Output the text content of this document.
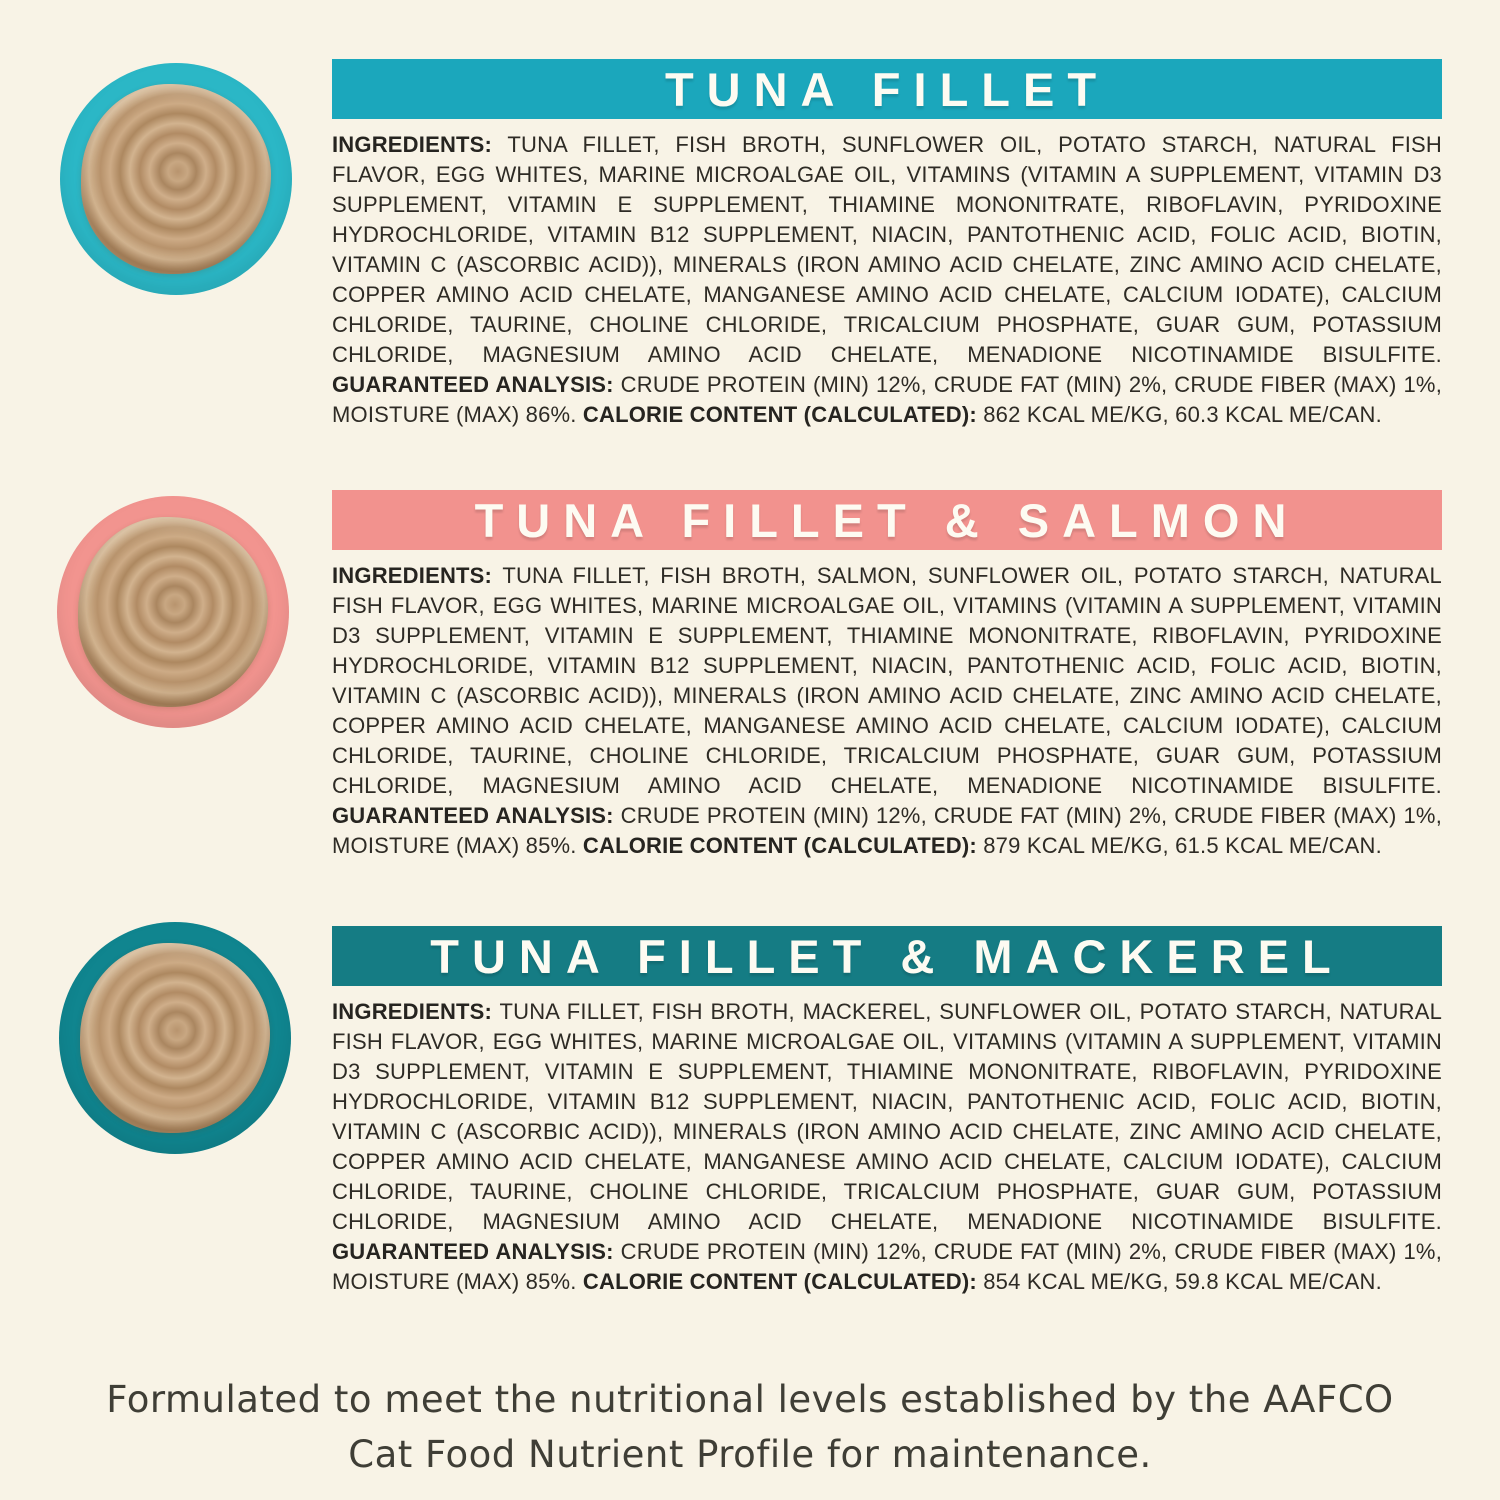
TUNA FILLET

INGREDIENTS: TUNA FILLET, FISH BROTH, SUNFLOWER OIL, POTATO STARCH, NATURAL FISH FLAVOR, EGG WHITES, MARINE MICROALGAE OIL, VITAMINS (VITAMIN A SUPPLEMENT, VITAMIN D3 SUPPLEMENT, VITAMIN E SUPPLEMENT, THIAMINE MONONITRATE, RIBOFLAVIN, PYRIDOXINE HYDROCHLORIDE, VITAMIN B12 SUPPLEMENT, NIACIN, PANTOTHENIC ACID, FOLIC ACID, BIOTIN, VITAMIN C (ASCORBIC ACID)), MINERALS (IRON AMINO ACID CHELATE, ZINC AMINO ACID CHELATE, COPPER AMINO ACID CHELATE, MANGANESE AMINO ACID CHELATE, CALCIUM IODATE), CALCIUM CHLORIDE, TAURINE, CHOLINE CHLORIDE, TRICALCIUM PHOSPHATE, GUAR GUM, POTASSIUM CHLORIDE, MAGNESIUM AMINO ACID CHELATE, MENADIONE NICOTINAMIDE BISULFITE. GUARANTEED ANALYSIS: CRUDE PROTEIN (MIN) 12%, CRUDE FAT (MIN) 2%, CRUDE FIBER (MAX) 1%, MOISTURE (MAX) 86%. CALORIE CONTENT (CALCULATED): 862 KCAL ME/KG, 60.3 KCAL ME/CAN.

TUNA FILLET & SALMON

INGREDIENTS: TUNA FILLET, FISH BROTH, SALMON, SUNFLOWER OIL, POTATO STARCH, NATURAL FISH FLAVOR, EGG WHITES, MARINE MICROALGAE OIL, VITAMINS (VITAMIN A SUPPLEMENT, VITAMIN D3 SUPPLEMENT, VITAMIN E SUPPLEMENT, THIAMINE MONONITRATE, RIBOFLAVIN, PYRIDOXINE HYDROCHLORIDE, VITAMIN B12 SUPPLEMENT, NIACIN, PANTOTHENIC ACID, FOLIC ACID, BIOTIN, VITAMIN C (ASCORBIC ACID)), MINERALS (IRON AMINO ACID CHELATE, ZINC AMINO ACID CHELATE, COPPER AMINO ACID CHELATE, MANGANESE AMINO ACID CHELATE, CALCIUM IODATE), CALCIUM CHLORIDE, TAURINE, CHOLINE CHLORIDE, TRICALCIUM PHOSPHATE, GUAR GUM, POTASSIUM CHLORIDE, MAGNESIUM AMINO ACID CHELATE, MENADIONE NICOTINAMIDE BISULFITE. GUARANTEED ANALYSIS: CRUDE PROTEIN (MIN) 12%, CRUDE FAT (MIN) 2%, CRUDE FIBER (MAX) 1%, MOISTURE (MAX) 85%. CALORIE CONTENT (CALCULATED): 879 KCAL ME/KG, 61.5 KCAL ME/CAN.

TUNA FILLET & MACKEREL

INGREDIENTS: TUNA FILLET, FISH BROTH, MACKEREL, SUNFLOWER OIL, POTATO STARCH, NATURAL FISH FLAVOR, EGG WHITES, MARINE MICROALGAE OIL, VITAMINS (VITAMIN A SUPPLEMENT, VITAMIN D3 SUPPLEMENT, VITAMIN E SUPPLEMENT, THIAMINE MONONITRATE, RIBOFLAVIN, PYRIDOXINE HYDROCHLORIDE, VITAMIN B12 SUPPLEMENT, NIACIN, PANTOTHENIC ACID, FOLIC ACID, BIOTIN, VITAMIN C (ASCORBIC ACID)), MINERALS (IRON AMINO ACID CHELATE, ZINC AMINO ACID CHELATE, COPPER AMINO ACID CHELATE, MANGANESE AMINO ACID CHELATE, CALCIUM IODATE), CALCIUM CHLORIDE, TAURINE, CHOLINE CHLORIDE, TRICALCIUM PHOSPHATE, GUAR GUM, POTASSIUM CHLORIDE, MAGNESIUM AMINO ACID CHELATE, MENADIONE NICOTINAMIDE BISULFITE. GUARANTEED ANALYSIS: CRUDE PROTEIN (MIN) 12%, CRUDE FAT (MIN) 2%, CRUDE FIBER (MAX) 1%, MOISTURE (MAX) 85%. CALORIE CONTENT (CALCULATED): 854 KCAL ME/KG, 59.8 KCAL ME/CAN.

Formulated to meet the nutritional levels established by the AAFCO Cat Food Nutrient Profile for maintenance.
